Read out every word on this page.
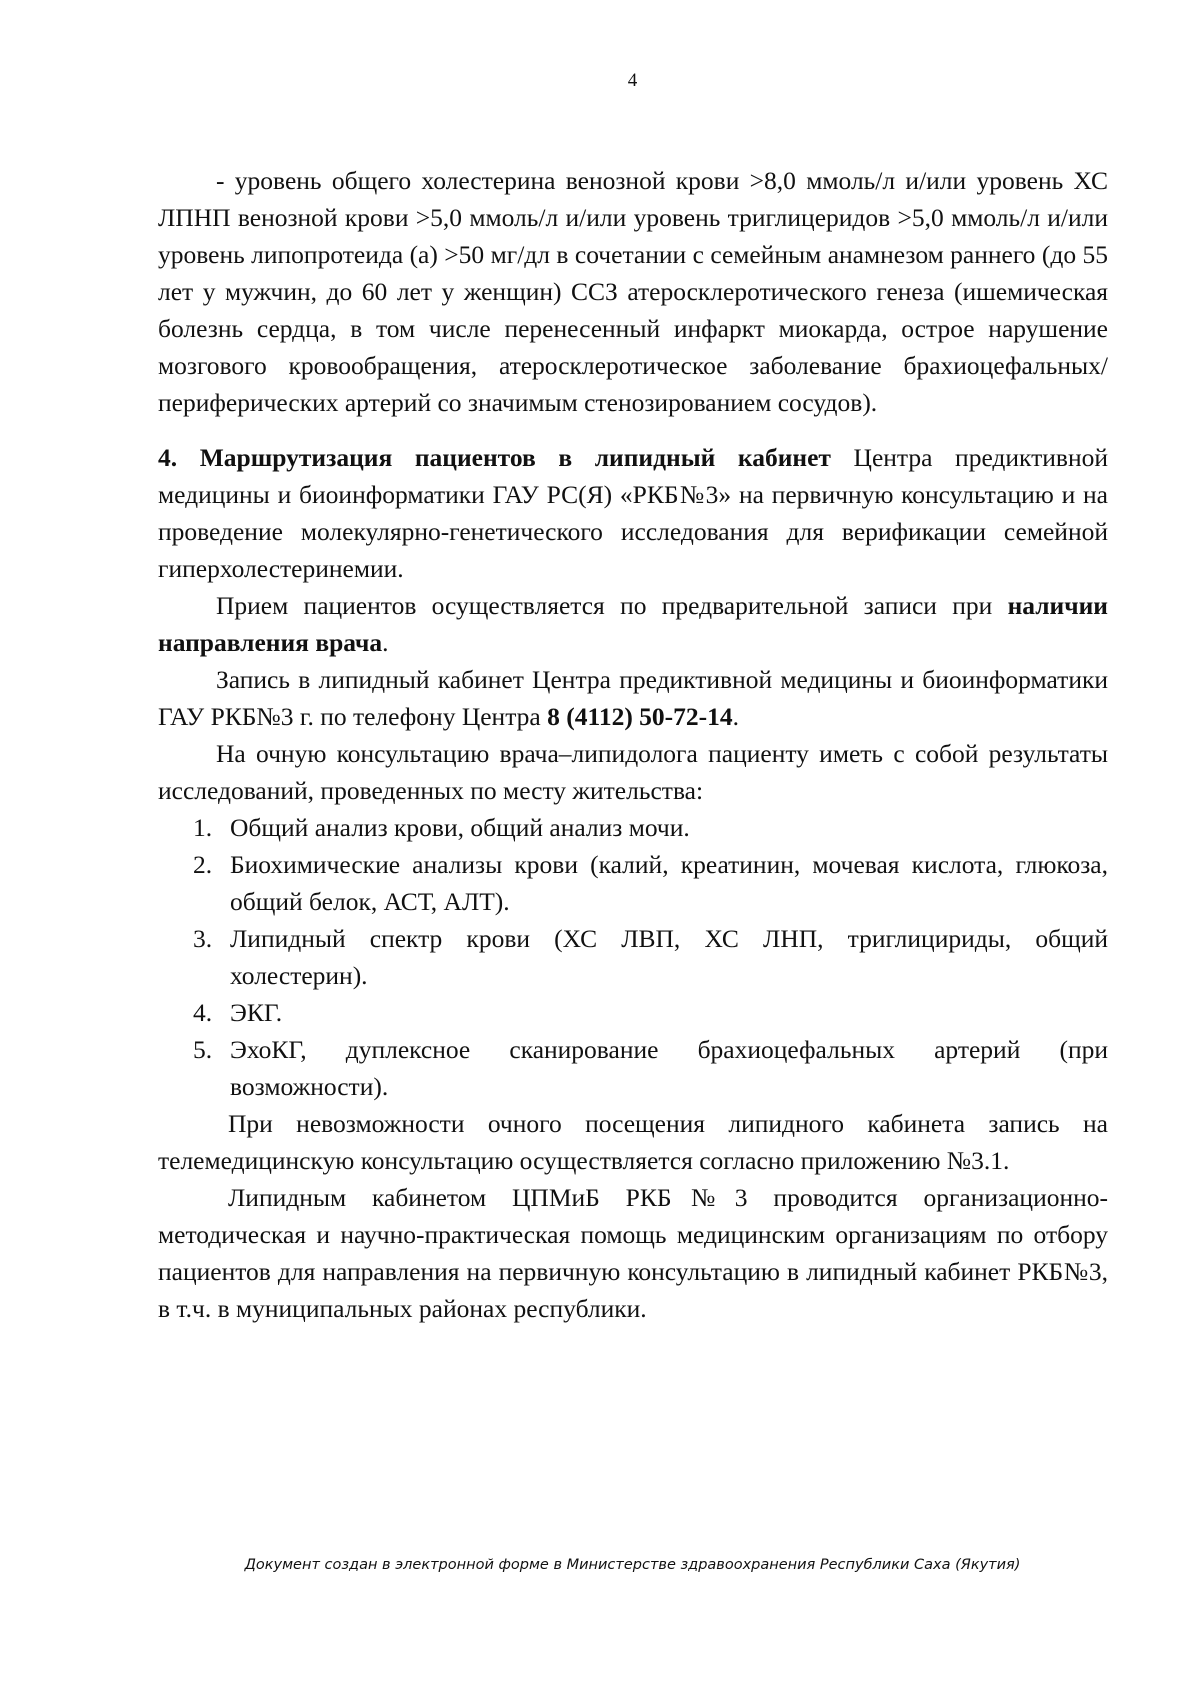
4

- уровень общего холестерина венозной крови >8,0 ммоль/л и/или уровень ХС ЛПНП венозной крови >5,0 ммоль/л и/или уровень триглицеридов >5,0 ммоль/л и/или уровень липопротеида (а) >50 мг/дл в сочетании с семейным анамнезом раннего (до 55 лет у мужчин, до 60 лет у женщин) ССЗ атеросклеротического генеза (ишемическая болезнь сердца, в том числе перенесенный инфаркт миокарда, острое нарушение мозгового кровообращения, атеросклеротическое заболевание брахиоцефальных/ периферических артерий со значимым стенозированием сосудов).

4. Маршрутизация пациентов в липидный кабинет Центра предиктивной медицины и биоинформатики ГАУ РС(Я) «РКБ№3» на первичную консультацию и на проведение молекулярно-генетического исследования для верификации семейной гиперхолестеринемии.

Прием пациентов осуществляется по предварительной записи при наличии направления врача.

Запись в липидный кабинет Центра предиктивной медицины и биоинформатики ГАУ РКБ№3 г. по телефону Центра 8 (4112) 50-72-14.

На очную консультацию врача–липидолога пациенту иметь с собой результаты исследований, проведенных по месту жительства:

1. Общий анализ крови, общий анализ мочи.
2. Биохимические анализы крови (калий, креатинин, мочевая кислота, глюкоза, общий белок, АСТ, АЛТ).
3. Липидный спектр крови (ХС ЛВП, ХС ЛНП, триглицириды, общий холестерин).
4. ЭКГ.
5. ЭхоКГ, дуплексное сканирование брахиоцефальных артерий (при возможности).

При невозможности очного посещения липидного кабинета запись на телемедицинскую консультацию осуществляется согласно приложению №3.1.

Липидным кабинетом ЦПМиБ РКБ№3 проводится организационно-методическая и научно-практическая помощь медицинским организациям по отбору пациентов для направления на первичную консультацию в липидный кабинет РКБ№3, в т.ч. в муниципальных районах республики.

Документ создан в электронной форме в Министерстве здравоохранения Республики Саха (Якутия)
